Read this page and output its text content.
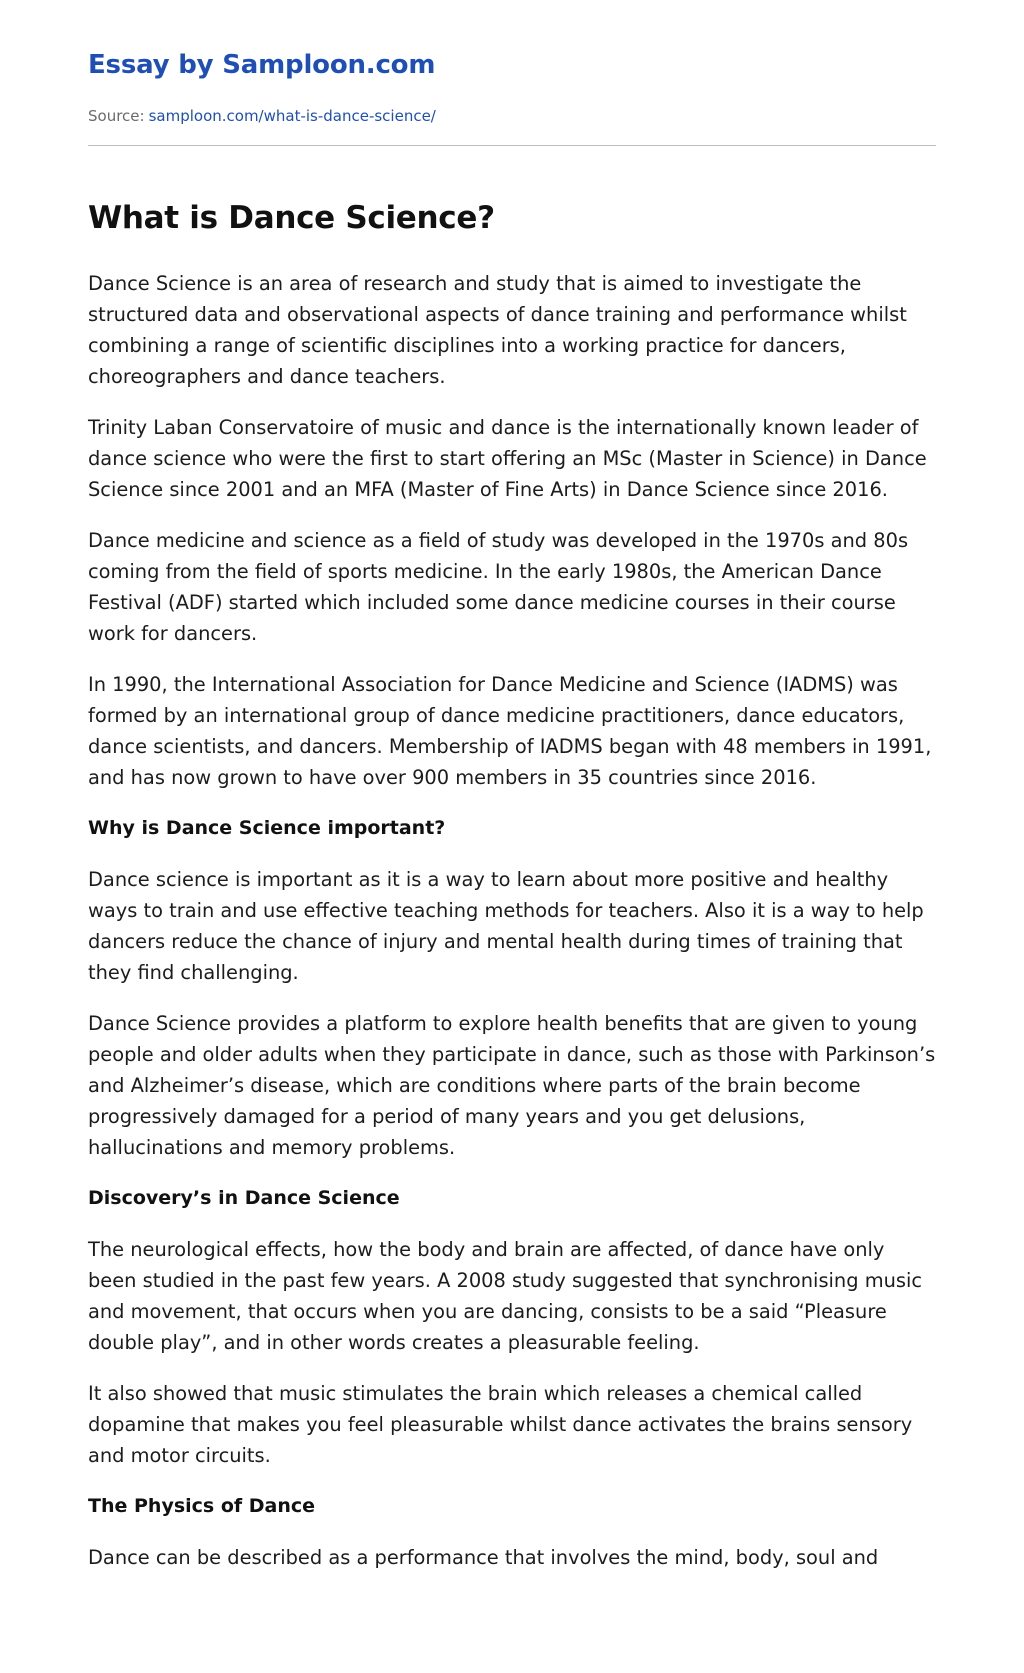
Essay by Samploon.com
Source: samploon.com/what-is-dance-science/
What is Dance Science?

Dance Science is an area of research and study that is aimed to investigate the structured data and observational aspects of dance training and performance whilst combining a range of scientific disciplines into a working practice for dancers, choreographers and dance teachers.

Trinity Laban Conservatoire of music and dance is the internationally known leader of dance science who were the first to start offering an MSc (Master in Science) in Dance Science since 2001 and an MFA (Master of Fine Arts) in Dance Science since 2016.

Dance medicine and science as a field of study was developed in the 1970s and 80s coming from the field of sports medicine. In the early 1980s, the American Dance Festival (ADF) started which included some dance medicine courses in their course work for dancers.

In 1990, the International Association for Dance Medicine and Science (IADMS) was formed by an international group of dance medicine practitioners, dance educators, dance scientists, and dancers. Membership of IADMS began with 48 members in 1991, and has now grown to have over 900 members in 35 countries since 2016.

Why is Dance Science important?

Dance science is important as it is a way to learn about more positive and healthy ways to train and use effective teaching methods for teachers. Also it is a way to help dancers reduce the chance of injury and mental health during times of training that they find challenging.

Dance Science provides a platform to explore health benefits that are given to young people and older adults when they participate in dance, such as those with Parkinson’s and Alzheimer’s disease, which are conditions where parts of the brain become progressively damaged for a period of many years and you get delusions, hallucinations and memory problems.

Discovery’s in Dance Science

The neurological effects, how the body and brain are affected, of dance have only been studied in the past few years. A 2008 study suggested that synchronising music and movement, that occurs when you are dancing, consists to be a said “Pleasure double play”, and in other words creates a pleasurable feeling.

It also showed that music stimulates the brain which releases a chemical called dopamine that makes you feel pleasurable whilst dance activates the brains sensory and motor circuits.

The Physics of Dance

Dance can be described as a performance that involves the mind, body, soul and
